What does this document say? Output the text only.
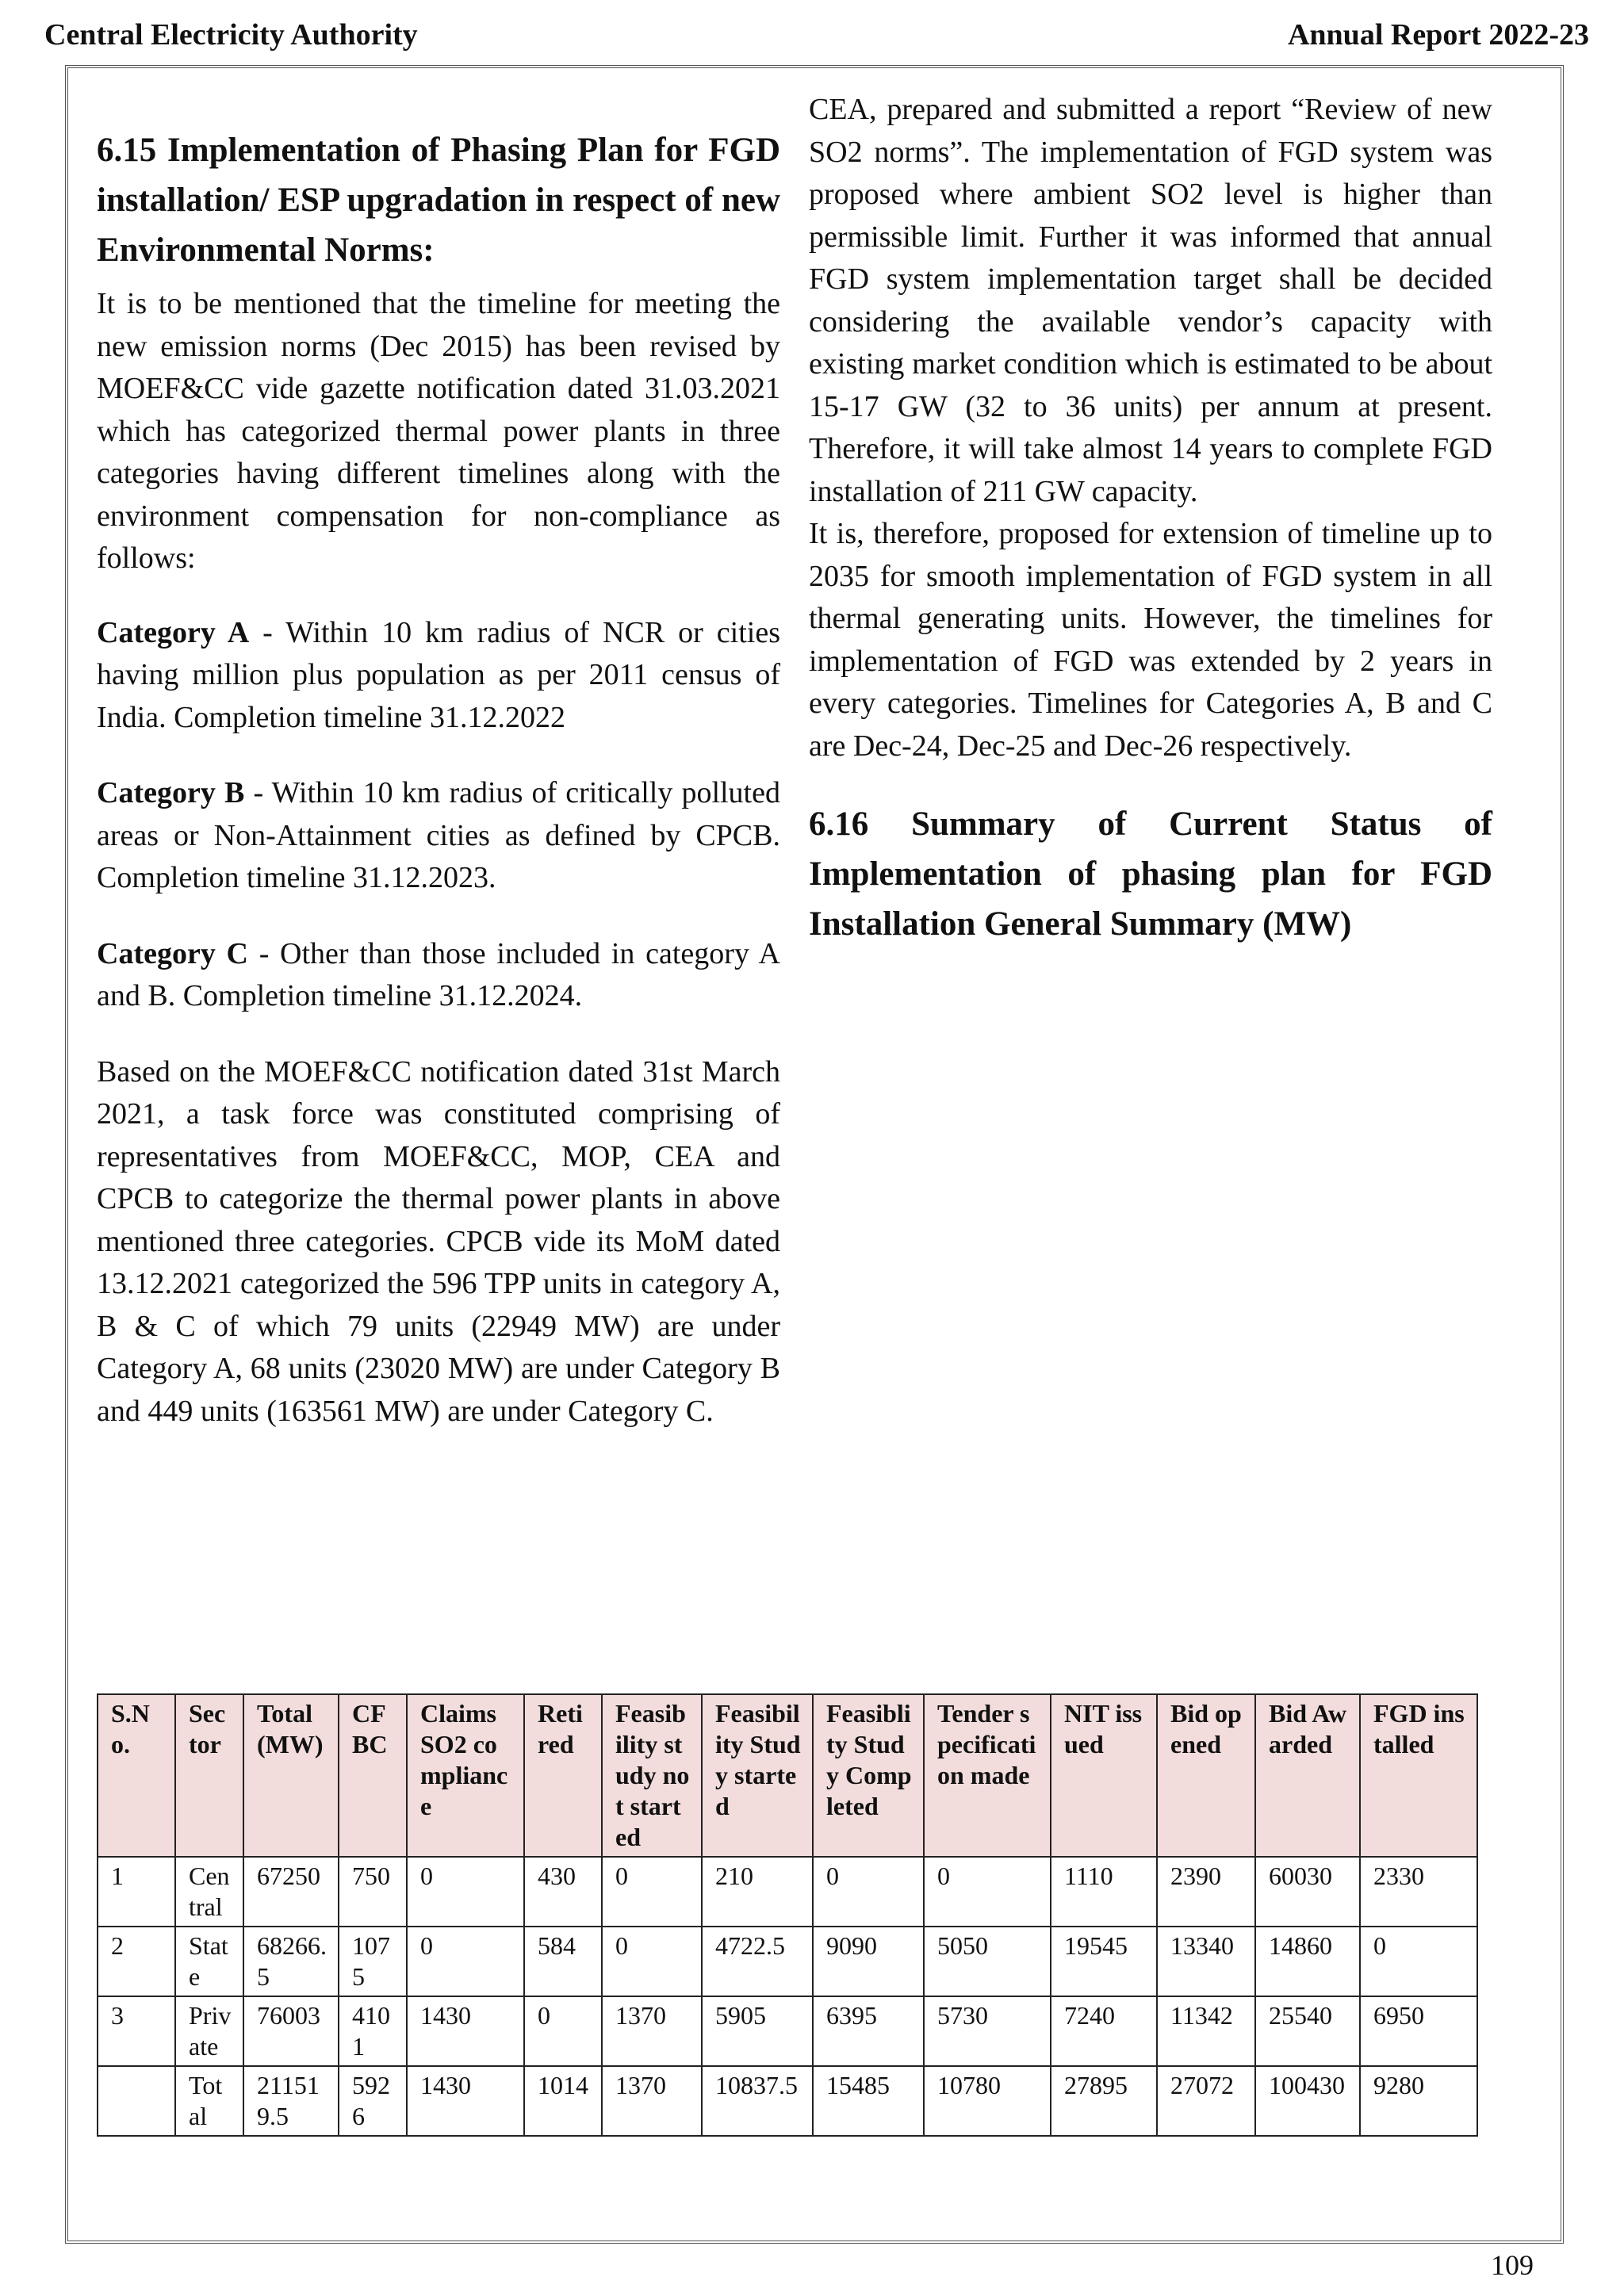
Central Electricity Authority	Annual Report 2022-23
6.15 Implementation of Phasing Plan for FGD installation/ ESP upgradation in respect of new Environmental Norms:

It is to be mentioned that the timeline for meeting the new emission norms (Dec 2015) has been revised by MOEF&CC vide gazette notification dated 31.03.2021 which has categorized thermal power plants in three categories having different timelines along with the environment compensation for non-compliance as follows:

Category A - Within 10 km radius of NCR or cities having million plus population as per 2011 census of India. Completion timeline 31.12.2022

Category B - Within 10 km radius of critically polluted areas or Non-Attainment cities as defined by CPCB. Completion timeline 31.12.2023.

Category C - Other than those included in category A and B. Completion timeline 31.12.2024.

Based on the MOEF&CC notification dated 31st March 2021, a task force was constituted comprising of representatives from MOEF&CC, MOP, CEA and CPCB to categorize the thermal power plants in above mentioned three categories. CPCB vide its MoM dated 13.12.2021 categorized the 596 TPP units in category A, B & C of which 79 units (22949 MW) are under Category A, 68 units (23020 MW) are under Category B and 449 units (163561 MW) are under Category C.

CEA, prepared and submitted a report “Review of new SO2 norms”. The implementation of FGD system was proposed where ambient SO2 level is higher than permissible limit. Further it was informed that annual FGD system implementation target shall be decided considering the available vendor’s capacity with existing market condition which is estimated to be about 15-17 GW (32 to 36 units) per annum at present. Therefore, it will take almost 14 years to complete FGD installation of 211 GW capacity.

It is, therefore, proposed for extension of timeline up to 2035 for smooth implementation of FGD system in all thermal generating units. However, the timelines for implementation of FGD was extended by 2 years in every categories. Timelines for Categories A, B and C are Dec-24, Dec-25 and Dec-26 respectively.

6.16 Summary of Current Status of Implementation of phasing plan for FGD Installation General Summary (MW)
S.No.	Sector	Total (MW)	CFBC	Claims SO2 compliance	Retired	Feasibility study not started	Feasibility Study started	Feasiblity Study Completed	Tender specification made	NIT issued	Bid opened	Bid Awarded	FGD installed
1	Central	67250	750	0	430	0	210	0	0	1110	2390	60030	2330
2	State	68266.5	1075	0	584	0	4722.5	9090	5050	19545	13340	14860	0
3	Private	76003	4101	1430	0	1370	5905	6395	5730	7240	11342	25540	6950
	Total	211519.5	5926	1430	1014	1370	10837.5	15485	10780	27895	27072	100430	9280
109
